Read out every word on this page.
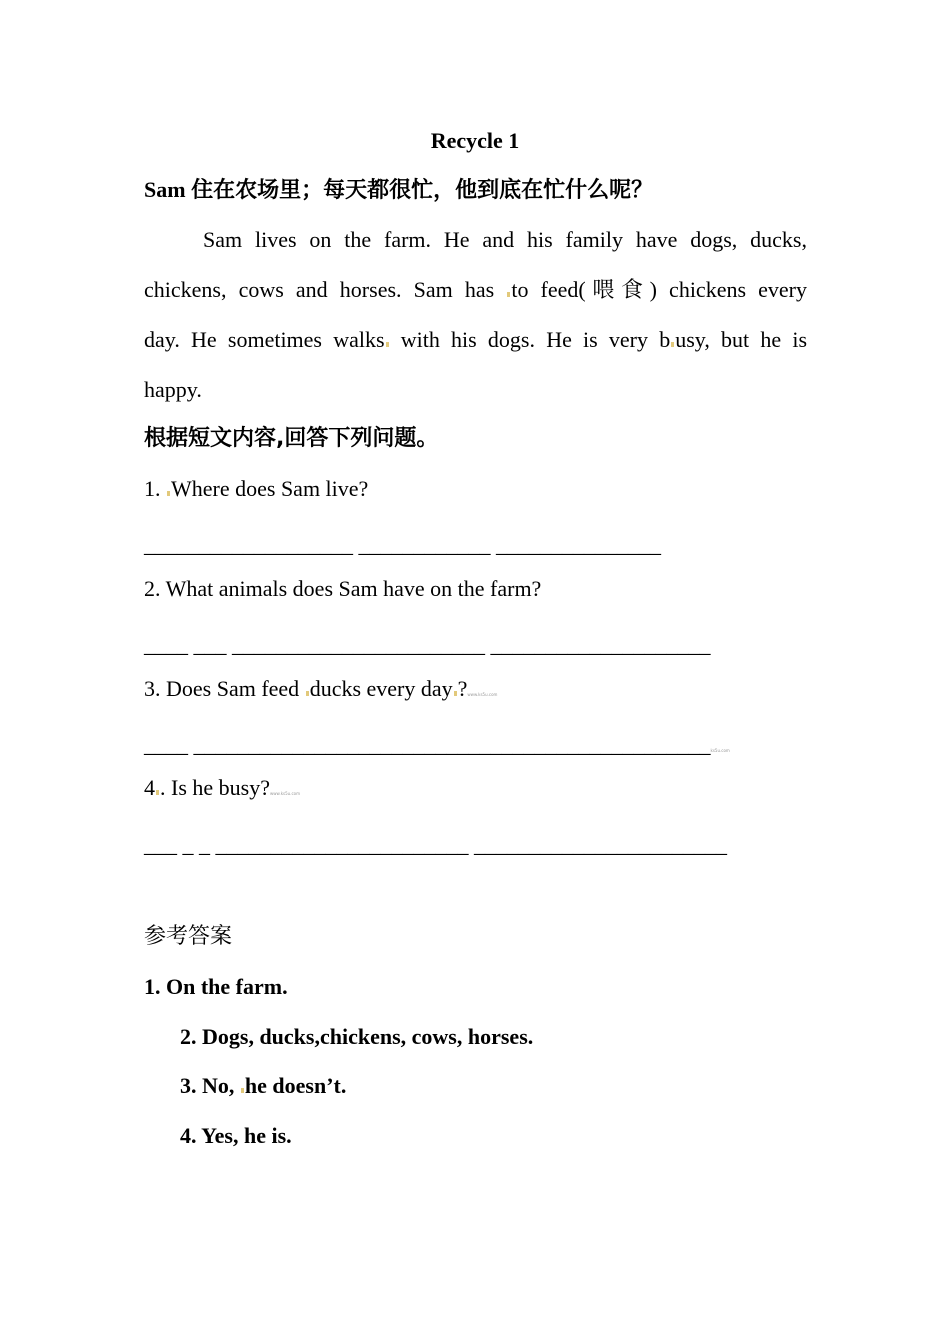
Recycle 1
Sam 住在农场里；每天都很忙，他到底在忙什么呢？
Sam lives on the farm. He and his family have dogs, ducks,
chickens, cows and horses. Sam has to feed(喂食) chickens every
day. He sometimes walks with his dogs. He is very b usy, but he is
happy.
根据短文内容,回答下列问题。
1. Where does Sam live?
___________________ ____________ _______________
2. What animals does Sam have on the farm?
____ ___ _______________________ ____________________
3. Does Sam feed ducks every day ?www.ks5u.com
____ _______________________________________________ks5u.com
4 . Is he busy?www.ks5u.com
___ _ _ _______________________ _______________________
参考答案
1. On the farm.
2. Dogs, ducks,chickens, cows, horses.
3. No, he doesn’t.
4. Yes, he is.
